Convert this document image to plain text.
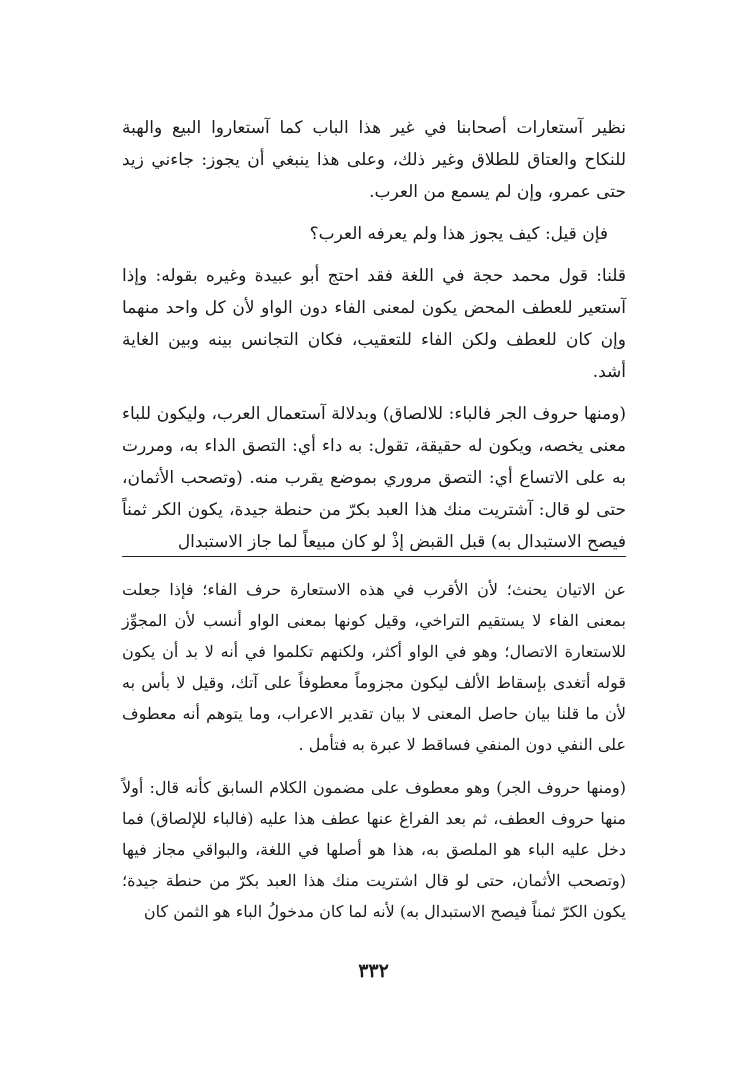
نظير آستعارات أصحابنا في غير هذا الباب كما آستعاروا البيع والهبة للنكاح والعتاق للطلاق وغير ذلك، وعلى هذا ينبغي أن يجوز: جاءني زيد حتى عمرو، وإن لم يسمع من العرب.

فإن قيل: كيف يجوز هذا ولم يعرفه العرب؟

قلنا: قول محمد حجة في اللغة فقد احتج أبو عبيدة وغيره بقوله: وإذا آستعير للعطف المحض يكون لمعنى الفاء دون الواو لأن كل واحد منهما وإن كان للعطف ولكن الفاء للتعقيب، فكان التجانس بينه وبين الغاية أشد.

(ومنها حروف الجر فالباء: للالصاق) وبدلالة آستعمال العرب، وليكون للباء معنى يخصه، ويكون له حقيقة، تقول: به داء أي: التصق الداء به، ومررت به على الاتساع أي: التصق مروري بموضع يقرب منه. (وتصحب الأثمان، حتى لو قال: آشتريت منك هذا العبد بكرّ من حنطة جيدة، يكون الكر ثمناً فيصح الاستبدال به) قبل القبض إذْ لو كان مبيعاً لما جاز الاستبدال

عن الاتيان يحنث؛ لأن الأقرب في هذه الاستعارة حرف الفاء؛ فإذا جعلت بمعنى الفاء لا يستقيم التراخي، وقيل كونها بمعنى الواو أنسب لأن المجوِّز للاستعارة الاتصال؛ وهو في الواو أكثر، ولكنهم تكلموا في أنه لا بد أن يكون قوله أتغدى بإسقاط الألف ليكون مجزوماً معطوفاً على آتك، وقيل لا بأس به لأن ما قلنا بيان حاصل المعنى لا بيان تقدير الاعراب، وما يتوهم أنه معطوف على النفي دون المنفي فساقط لا عبرة به فتأمل .

(ومنها حروف الجر) وهو معطوف على مضمون الكلام السابق كأنه قال: أولاً منها حروف العطف، ثم بعد الفراغ عنها عطف هذا عليه (فالباء للإلصاق) فما دخل عليه الباء هو الملصق به، هذا هو أصلها في اللغة، والبواقي مجاز فيها (وتصحب الأثمان، حتى لو قال اشتريت منك هذا العبد بكرّ من حنطة جيدة؛ يكون الكرّ ثمناً فيصح الاستبدال به) لأنه لما كان مدخولُ الباء هو الثمن كان

٣٣٢
